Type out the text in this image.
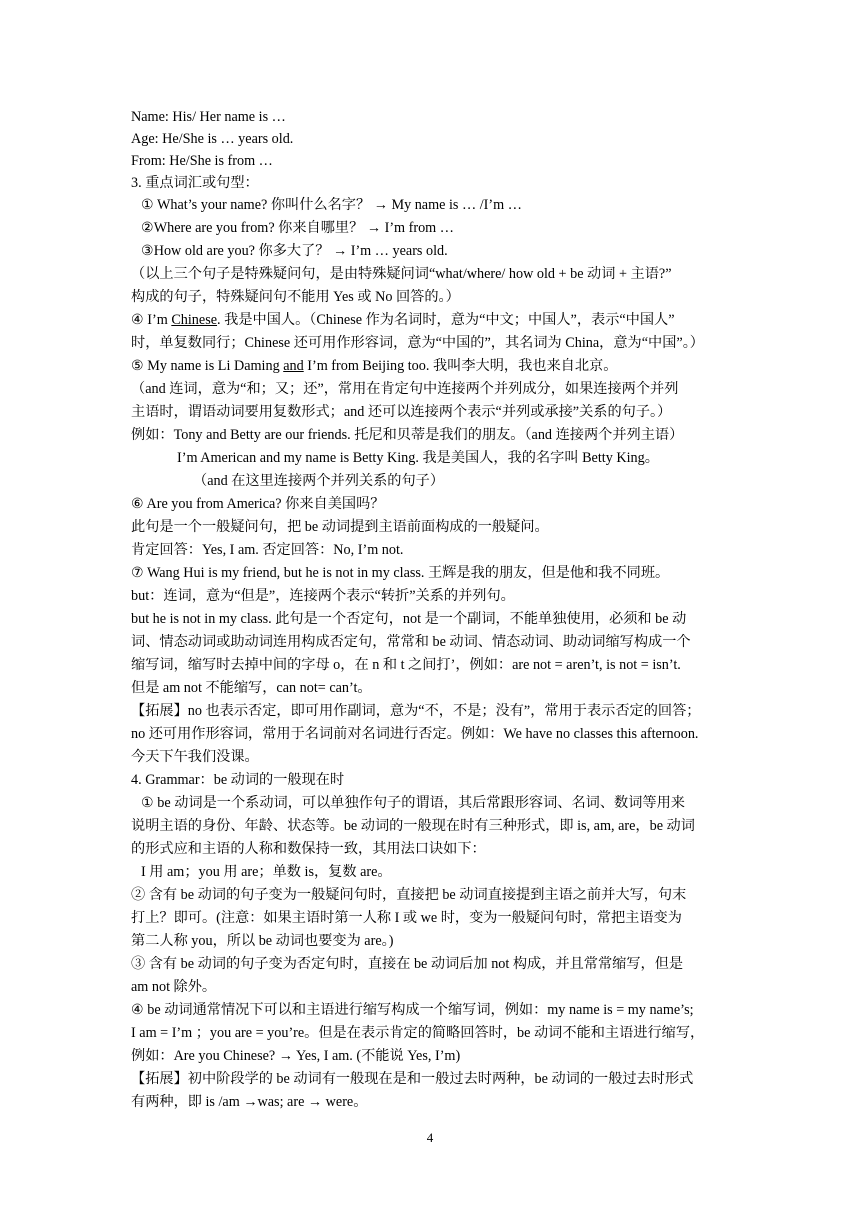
Name: His/ Her name is …
Age: He/She is … years old.
From: He/She is from …
3. 重点词汇或句型：
① What’s your name? 你叫什么名字？ → My name is … /I’m …
②Where are you from? 你来自哪里？ → I’m from …
③How old are you? 你多大了？ → I’m … years old.
（以上三个句子是特殊疑问句，是由特殊疑问词“what/where/ how old + be 动词 + 主语?”
构成的句子，特殊疑问句不能用 Yes 或 No 回答的。）
④ I’m Chinese. 我是中国人。（Chinese 作为名词时，意为“中文；中国人”，表示“中国人”
时，单复数同行；Chinese 还可用作形容词，意为“中国的”，其名词为 China，意为“中国”。）
⑤ My name is Li Daming and I’m from Beijing too. 我叫李大明，我也来自北京。
（and 连词，意为“和；又；还”，常用在肯定句中连接两个并列成分，如果连接两个并列
主语时，谓语动词要用复数形式；and 还可以连接两个表示“并列或承接”关系的句子。）
例如：Tony and Betty are our friends. 托尼和贝蒂是我们的朋友。（and 连接两个并列主语）
I’m American and my name is Betty King. 我是美国人，我的名字叫 Betty King。
（and 在这里连接两个并列关系的句子）
⑥ Are you from America? 你来自美国吗？
此句是一个一般疑问句，把 be 动词提到主语前面构成的一般疑问。
肯定回答：Yes, I am. 否定回答：No, I’m not.
⑦ Wang Hui is my friend, but he is not in my class. 王辉是我的朋友，但是他和我不同班。
but：连词，意为“但是”，连接两个表示“转折”关系的并列句。
but he is not in my class. 此句是一个否定句，not 是一个副词，不能单独使用，必须和 be 动
词、情态动词或助动词连用构成否定句，常常和 be 动词、情态动词、助动词缩写构成一个
缩写词，缩写时去掉中间的字母 o，在 n 和 t 之间打’，例如：are not = aren’t, is not = isn’t.
但是 am not 不能缩写，can not= can’t。
【拓展】no 也表示否定，即可用作副词，意为“不，不是；没有”，常用于表示否定的回答；
no 还可用作形容词，常用于名词前对名词进行否定。例如：We have no classes this afternoon.
今天下午我们没课。
4. Grammar：be 动词的一般现在时
① be 动词是一个系动词，可以单独作句子的谓语，其后常跟形容词、名词、数词等用来
说明主语的身份、年龄、状态等。be 动词的一般现在时有三种形式，即 is, am, are，be 动词
的形式应和主语的人称和数保持一致，其用法口诀如下：
I 用 am；you 用 are；单数 is，复数 are。
② 含有 be 动词的句子变为一般疑问句时，直接把 be 动词直接提到主语之前并大写，句末
打上？即可。(注意：如果主语时第一人称 I 或 we 时，变为一般疑问句时，常把主语变为
第二人称 you，所以 be 动词也要变为 are。)
③ 含有 be 动词的句子变为否定句时，直接在 be 动词后加 not 构成，并且常常缩写，但是
am not 除外。
④ be 动词通常情况下可以和主语进行缩写构成一个缩写词，例如：my name is = my name’s;
I am = I’m ；you are = you’re。但是在表示肯定的简略回答时，be 动词不能和主语进行缩写，
例如：Are you Chinese? → Yes, I am. (不能说 Yes, I’m)
【拓展】初中阶段学的 be 动词有一般现在是和一般过去时两种，be 动词的一般过去时形式
有两种，即 is /am →was; are → were。
4
